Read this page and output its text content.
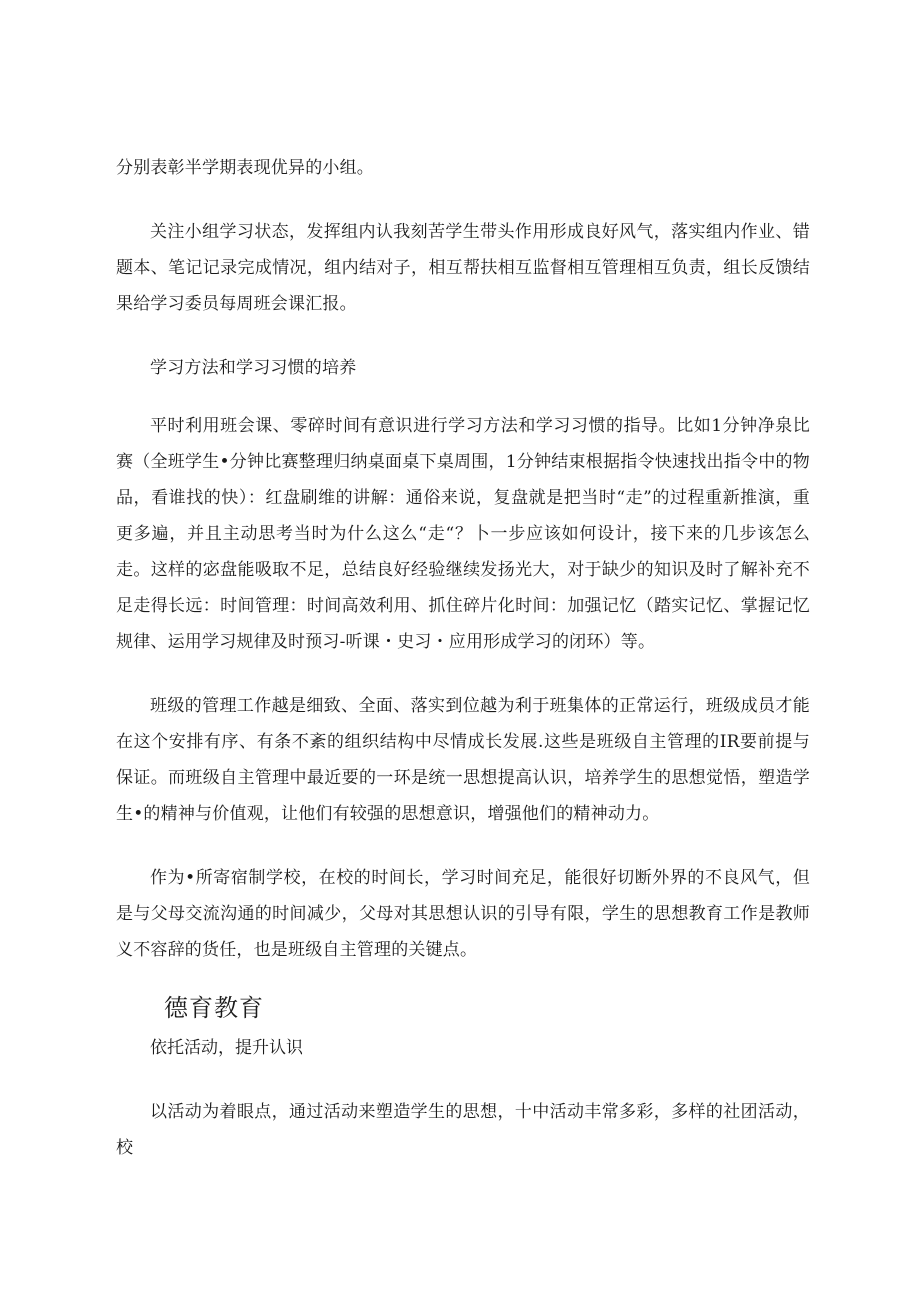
分别表彰半学期表现优异的小组。

关注小组学习状态，发挥组内认我刻苦学生带头作用形成良好风气，落实组内作业、错题本、笔记记录完成情况，组内结对子，相互帮扶相互监督相互管理相互负责，组长反馈结果给学习委员每周班会课汇报。

学习方法和学习习惯的培养

平时利用班会课、零碎时间有意识进行学习方法和学习习惯的指导。比如1分钟净泉比赛（全班学生•分钟比赛整理归纳桌面桌下桌周围，1分钟结束根据指令快速找出指令中的物品，看谁找的快）：红盘刷维的讲解：通俗来说，复盘就是把当时“走”的过程重新推演，重更多遍，并且主动思考当时为什么这么“走“？卜一步应该如何设计，接下来的几步该怎么走。这样的宓盘能吸取不足，总结良好经验继续发扬光大，对于缺少的知识及时了解补充不足走得长远：时间管理：时间高效利用、抓住碎片化时间：加强记忆（踏实记忆、掌握记忆规律、运用学习规律及时预习-听课・史习・应用形成学习的闭环）等。

班级的管理工作越是细致、全面、落实到位越为利于班集体的正常运行，班级成员才能在这个安排有序、有条不紊的组织结构中尽情成长发展.这些是班级自主管理的IR要前提与保证。而班级自主管理中最近要的一环是统一思想提高认识，培养学生的思想觉悟，塑造学生•的精神与价值观，让他们有较强的思想意识，增强他们的精神动力。

作为•所寄宿制学校，在校的时间长，学习时间充足，能很好切断外界的不良风气，但是与父母交流沟通的时间减少，父母对其思想认识的引导有限，学生的思想教育工作是教师义不容辞的货任，也是班级自主管理的关键点。

德育教育

依托活动，提升认识

以活动为着眼点，通过活动来塑造学生的思想，十中活动丰常多彩，多样的社团活动，校
